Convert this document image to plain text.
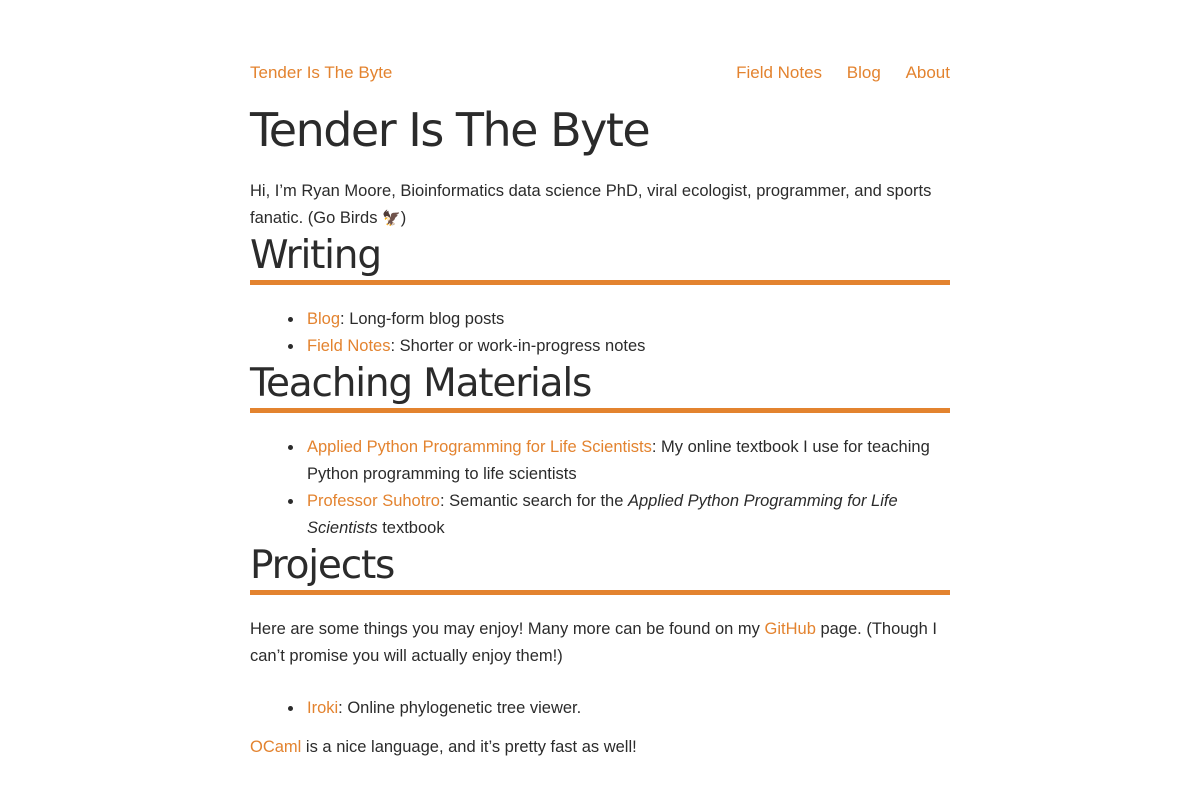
Tender Is The Byte	Field Notes Blog About
Tender Is The Byte

Hi, I’m Ryan Moore, Bioinformatics data science PhD, viral ecologist, programmer, and sports fanatic. (Go Birds 🦅)

Writing
Blog: Long-form blog posts
Field Notes: Shorter or work-in-progress notes
Teaching Materials
Applied Python Programming for Life Scientists: My online textbook I use for teaching Python programming to life scientists
Professor Suhotro: Semantic search for the Applied Python Programming for Life Scientists textbook
Projects

Here are some things you may enjoy! Many more can be found on my GitHub page. (Though I can’t promise you will actually enjoy them!)

Iroki: Online phylogenetic tree viewer.

OCaml is a nice language, and it’s pretty fast as well!
